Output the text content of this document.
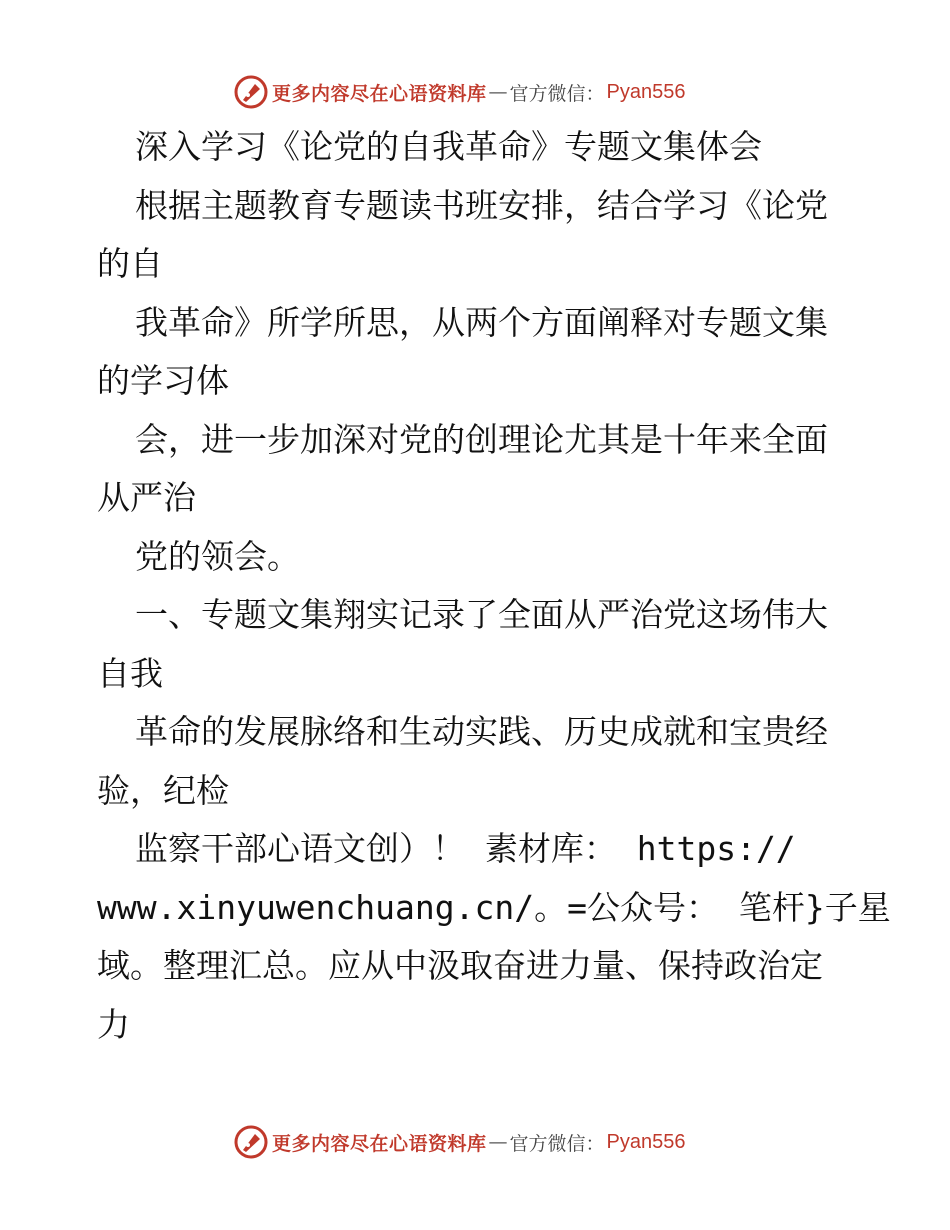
更多内容尽在心语资料库 — 官方微信： Pyan556
深入学习《论党的自我革命》专题文集体会
根据主题教育专题读书班安排，结合学习《论党
的自
我革命》所学所思，从两个方面阐释对专题文集
的学习体
会，进一步加深对党的创理论尤其是十年来全面
从严治
党的领会。
一、专题文集翔实记录了全面从严治党这场伟大
自我
革命的发展脉络和生动实践、历史成就和宝贵经
验，纪检
监察干部心语文创）！ 素材库： https://
www.xinyuwenchuang.cn/。=公众号： 笔杆}子星
域。整理汇总。应从中汲取奋进力量、保持政治定
力
更多内容尽在心语资料库 — 官方微信： Pyan556
